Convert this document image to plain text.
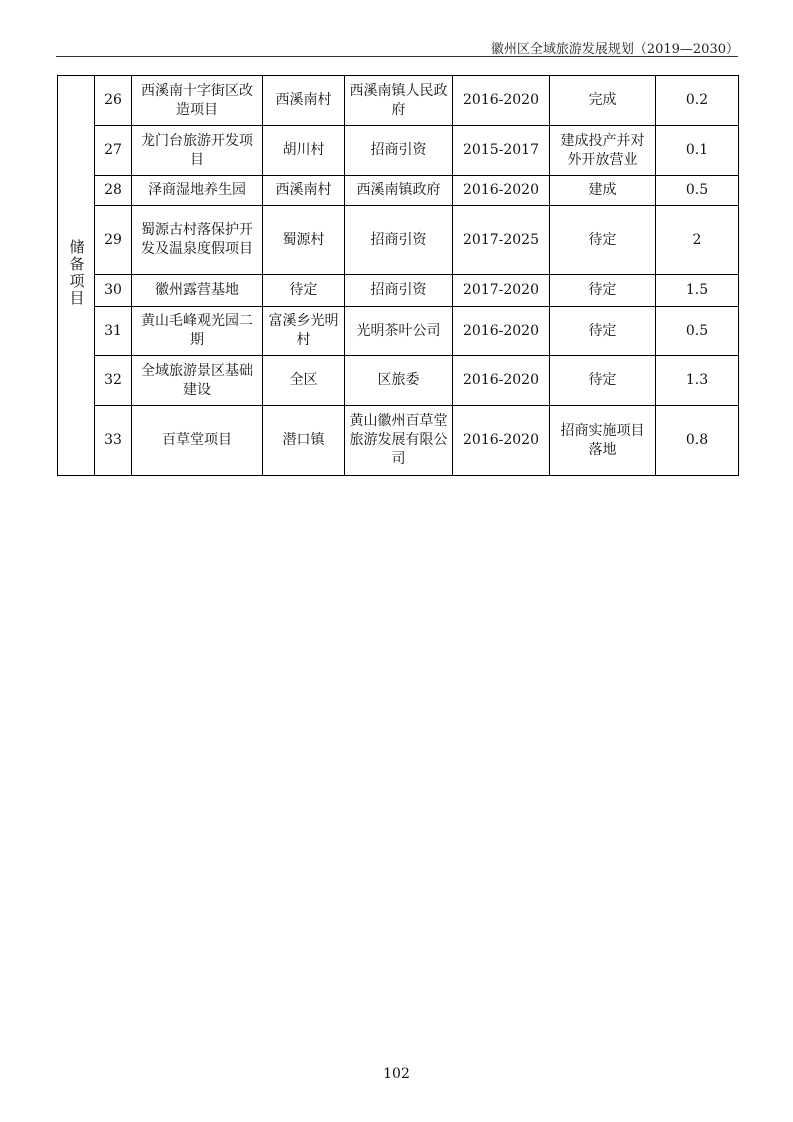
徽州区全域旅游发展规划（2019—2030）
储备项目	26	西溪南十字街区改造项目	西溪南村	西溪南镇人民政府	2016-2020	完成	0.2
	27	龙门台旅游开发项目	胡川村	招商引资	2015-2017	建成投产并对外开放营业	0.1
	28	泽商湿地养生园	西溪南村	西溪南镇政府	2016-2020	建成	0.5
	29	蜀源古村落保护开发及温泉度假项目	蜀源村	招商引资	2017-2025	待定	2
	30	徽州露营基地	待定	招商引资	2017-2020	待定	1.5
	31	黄山毛峰观光园二期	富溪乡光明村	光明茶叶公司	2016-2020	待定	0.5
	32	全域旅游景区基础建设	全区	区旅委	2016-2020	待定	1.3
	33	百草堂项目	潜口镇	黄山徽州百草堂旅游发展有限公司	2016-2020	招商实施项目落地	0.8
102
